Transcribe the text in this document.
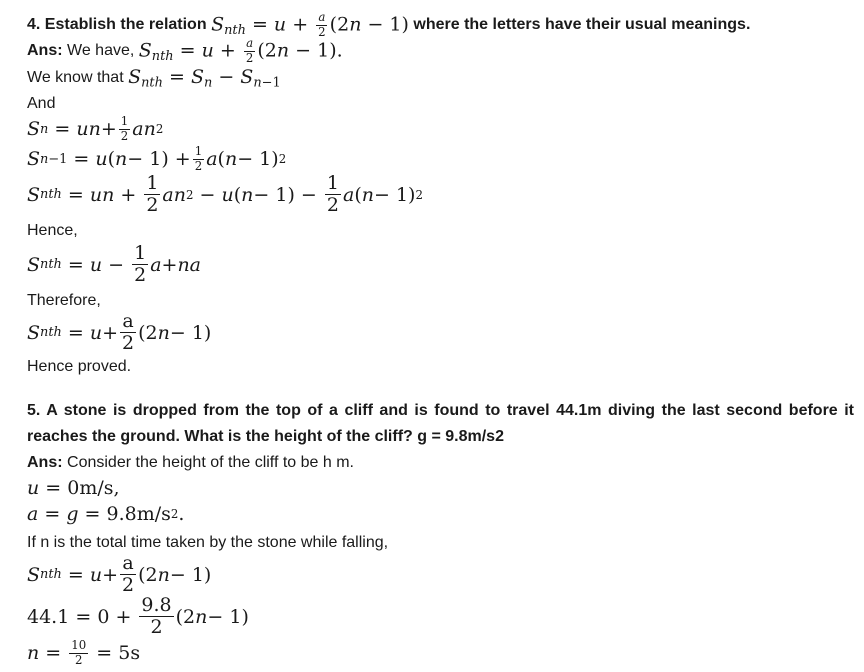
4. Establish the relation
$S_{nth} = u + \frac{a}{2} (2n - 1)$
where the letters have their usual meanings.
Ans:
We have,
$S_{nth} = u + \frac{a}{2} (2n - 1)$.
We know that
$S_{nth} = S_n - S_{n-1}$
And
S n
= un + $\frac{1}{2}$ an 2
S n−1
= u ( $n - 1) + \frac{1}{2}$ a ( n − 1) 2
S nth
= un + $\frac{1}{2}$ an 2
− u ( n − 1) −
$\frac{1}{2}$ a ( n − 1) 2
Hence,
S nth
= $u - \frac{1}{2}$ a + na
Therefore,
S nth
= $u + \frac{a}{2} (2$ n − 1)
Hence proved.
5. A stone is dropped from the top of a cliff and is found to travel 44.1m diving the last second before it reaches the ground. What is the height of the cliff? g = 9.8m/s2
Ans:
Consider the height of the cliff to be h m.
u =
0m/s,
a = g =
9.8m/s 2 .
If n is the total time taken by the stone while falling,
S nth
= $u + \frac{a}{2} (2$ n − 1)
44.1
= 0 +
$\frac{9.8}{2} (2$ n − 1)
n =
$\frac{10}{2}$
=
5s
